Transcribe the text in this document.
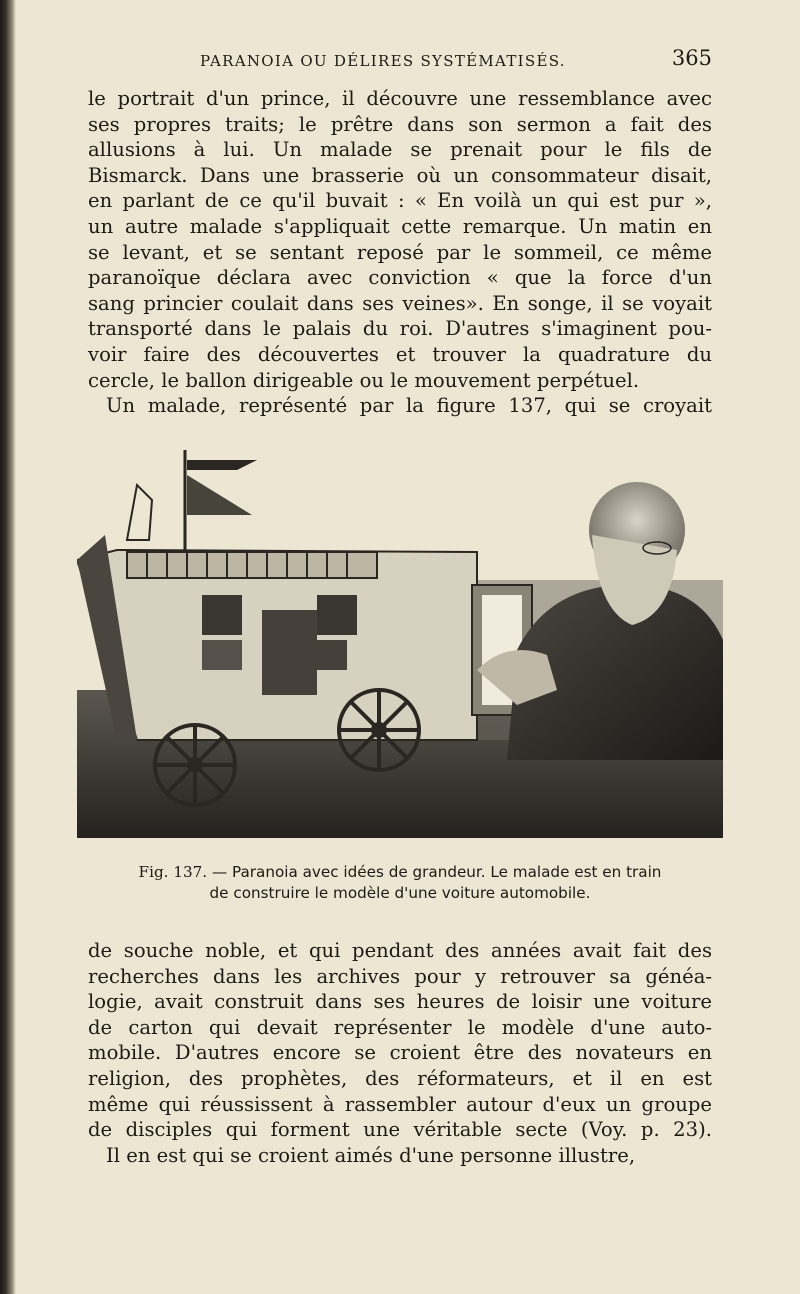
PARANOIA OU DÉLIRES SYSTÉMATISÉS.	365

le portrait d'un prince, il découvre une ressemblance avec
ses propres traits; le prêtre dans son sermon a fait des
allusions à lui. Un malade se prenait pour le fils de
Bismarck. Dans une brasserie où un consommateur disait,
en parlant de ce qu'il buvait : « En voilà un qui est pur »,
un autre malade s'appliquait cette remarque. Un matin en
se levant, et se sentant reposé par le sommeil, ce même
paranoïque déclara avec conviction « que la force d'un
sang princier coulait dans ses veines». En songe, il se voyait
transporté dans le palais du roi. D'autres s'imaginent pou-
voir faire des découvertes et trouver la quadrature du
cercle, le ballon dirigeable ou le mouvement perpétuel.
Un malade, représenté par la figure 137, qui se croyait

Fig. 137. — Paranoia avec idées de grandeur. Le malade est en train
de construire le modèle d'une voiture automobile.

de souche noble, et qui pendant des années avait fait des
recherches dans les archives pour y retrouver sa généa-
logie, avait construit dans ses heures de loisir une voiture
de carton qui devait représenter le modèle d'une auto-
mobile. D'autres encore se croient être des novateurs en
religion, des prophètes, des réformateurs, et il en est
même qui réussissent à rassembler autour d'eux un groupe
de disciples qui forment une véritable secte (Voy. p. 23).
Il en est qui se croient aimés d'une personne illustre,
